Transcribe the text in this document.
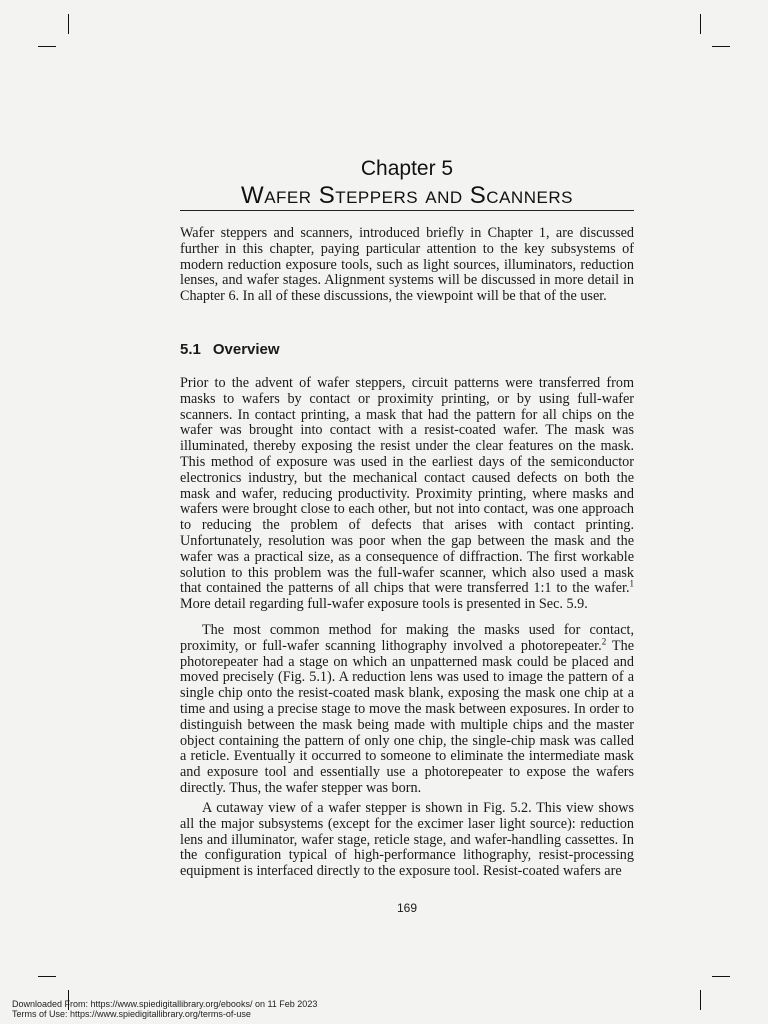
Chapter 5
Wafer Steppers and Scanners

Wafer steppers and scanners, introduced briefly in Chapter 1, are discussed further in this chapter, paying particular attention to the key subsystems of modern reduction exposure tools, such as light sources, illuminators, reduction lenses, and wafer stages. Alignment systems will be discussed in more detail in Chapter 6. In all of these discussions, the viewpoint will be that of the user.

5.1 Overview

Prior to the advent of wafer steppers, circuit patterns were transferred from masks to wafers by contact or proximity printing, or by using full-wafer scanners. In contact printing, a mask that had the pattern for all chips on the wafer was brought into contact with a resist-coated wafer. The mask was illuminated, thereby exposing the resist under the clear features on the mask. This method of exposure was used in the earliest days of the semiconductor electronics industry, but the mechanical contact caused defects on both the mask and wafer, reducing productivity. Proximity printing, where masks and wafers were brought close to each other, but not into contact, was one approach to reducing the problem of defects that arises with contact printing. Unfortunately, resolution was poor when the gap between the mask and the wafer was a practical size, as a consequence of diffraction. The first workable solution to this problem was the full-wafer scanner, which also used a mask that contained the patterns of all chips that were transferred 1:1 to the wafer.$^1$ More detail regarding full-wafer exposure tools is presented in Sec. 5.9.

The most common method for making the masks used for contact, proximity, or full-wafer scanning lithography involved a photorepeater.$^2$ The photorepeater had a stage on which an unpatterned mask could be placed and moved precisely (Fig. 5.1). A reduction lens was used to image the pattern of a single chip onto the resist-coated mask blank, exposing the mask one chip at a time and using a precise stage to move the mask between exposures. In order to distinguish between the mask being made with multiple chips and the master object containing the pattern of only one chip, the single-chip mask was called a reticle. Eventually it occurred to someone to eliminate the intermediate mask and exposure tool and essentially use a photorepeater to expose the wafers directly. Thus, the wafer stepper was born.

A cutaway view of a wafer stepper is shown in Fig. 5.2. This view shows all the major subsystems (except for the excimer laser light source): reduction lens and illuminator, wafer stage, reticle stage, and wafer-handling cassettes. In the configuration typical of high-performance lithography, resist-processing equipment is interfaced directly to the exposure tool. Resist-coated wafers are

169
Downloaded From: https://www.spiedigitallibrary.org/ebooks/ on 11 Feb 2023
Terms of Use: https://www.spiedigitallibrary.org/terms-of-use
